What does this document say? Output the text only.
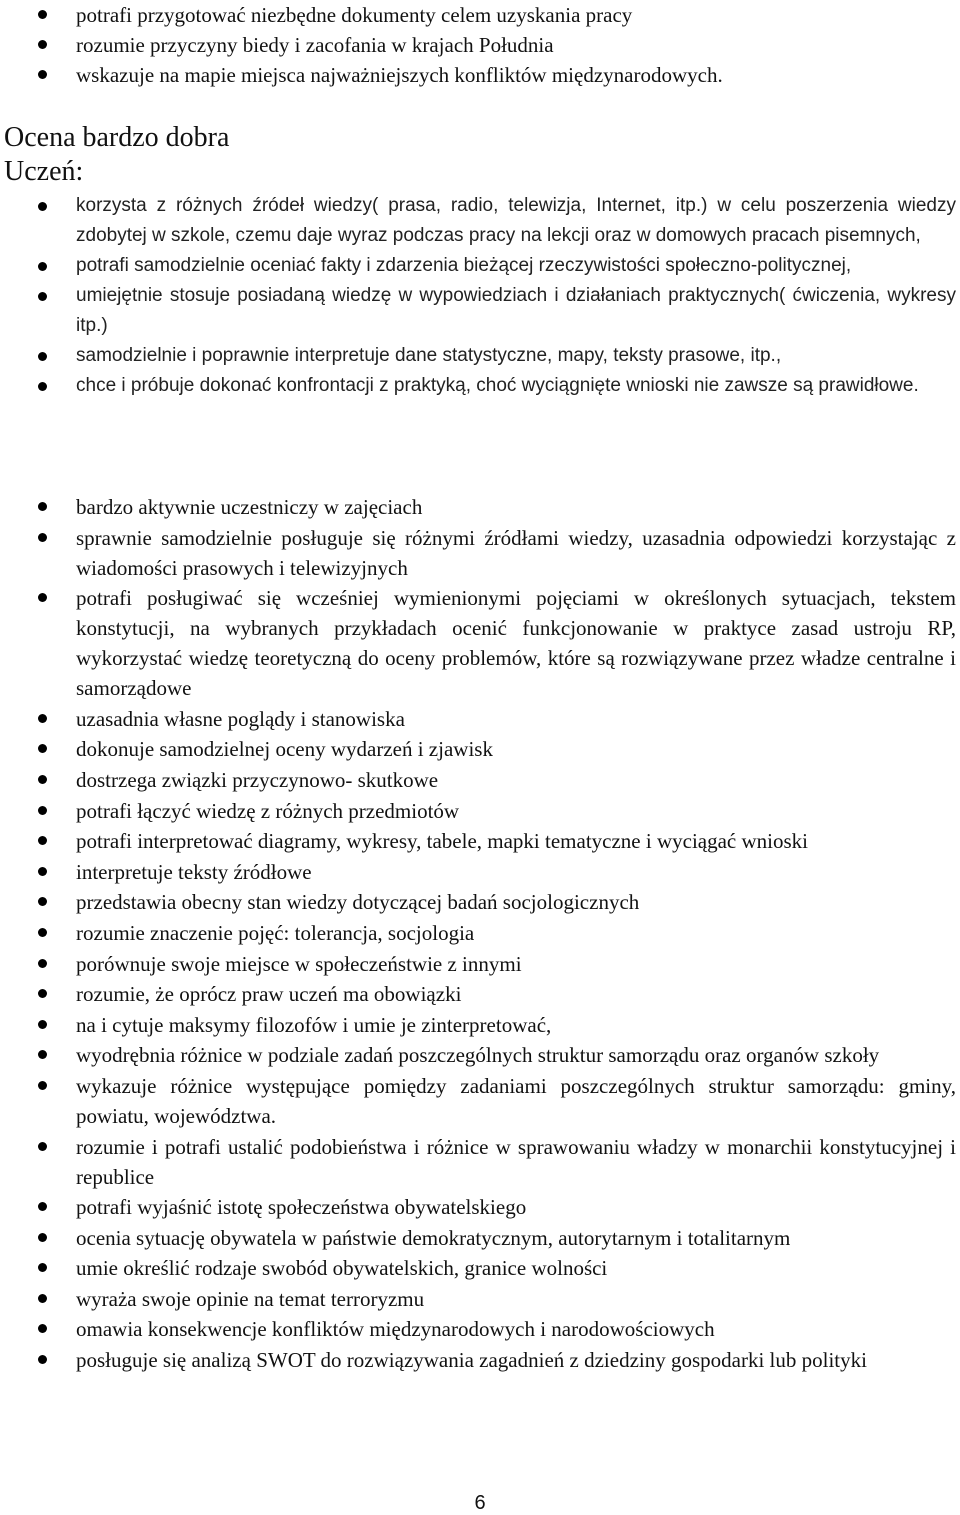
potrafi przygotować niezbędne dokumenty celem uzyskania pracy
rozumie przyczyny biedy i zacofania w krajach Południa
wskazuje na mapie miejsca najważniejszych konfliktów międzynarodowych.
Ocena bardzo dobra
Uczeń:
korzysta z różnych źródeł wiedzy( prasa, radio, telewizja, Internet, itp.) w celu poszerzenia wiedzy zdobytej w szkole, czemu daje wyraz podczas pracy na lekcji oraz w domowych pracach pisemnych,
potrafi samodzielnie oceniać fakty i zdarzenia bieżącej rzeczywistości społeczno-politycznej,
umiejętnie stosuje posiadaną wiedzę w wypowiedziach i działaniach praktycznych( ćwiczenia, wykresy itp.)
samodzielnie i poprawnie interpretuje dane statystyczne, mapy, teksty prasowe, itp.,
chce i próbuje dokonać konfrontacji z praktyką, choć wyciągnięte wnioski nie zawsze są prawidłowe.
bardzo aktywnie uczestniczy w zajęciach
sprawnie samodzielnie posługuje się różnymi źródłami wiedzy, uzasadnia odpowiedzi korzystając z wiadomości prasowych i telewizyjnych
potrafi posługiwać się wcześniej wymienionymi pojęciami w określonych sytuacjach, tekstem konstytucji, na wybranych przykładach ocenić funkcjonowanie w praktyce zasad ustroju RP, wykorzystać wiedzę teoretyczną do oceny problemów, które są rozwiązywane przez władze centralne i samorządowe
uzasadnia własne poglądy i stanowiska
dokonuje samodzielnej oceny wydarzeń i zjawisk
dostrzega związki przyczynowo- skutkowe
potrafi łączyć wiedzę z różnych przedmiotów
potrafi interpretować diagramy, wykresy, tabele, mapki tematyczne i wyciągać wnioski
interpretuje teksty źródłowe
przedstawia obecny stan wiedzy dotyczącej badań socjologicznych
rozumie znaczenie pojęć: tolerancja, socjologia
porównuje swoje miejsce w społeczeństwie z innymi
rozumie, że oprócz praw uczeń ma obowiązki
na i cytuje maksymy filozofów i umie je zinterpretować,
wyodrębnia różnice w podziale zadań poszczególnych struktur samorządu oraz organów szkoły
wykazuje różnice występujące pomiędzy zadaniami poszczególnych struktur samorządu: gminy, powiatu, województwa.
rozumie i potrafi ustalić podobieństwa i różnice w sprawowaniu władzy w monarchii konstytucyjnej i republice
potrafi wyjaśnić istotę społeczeństwa obywatelskiego
ocenia sytuację obywatela w państwie demokratycznym, autorytarnym i totalitarnym
umie określić rodzaje swobód obywatelskich, granice wolności
wyraża swoje opinie na temat terroryzmu
omawia konsekwencje konfliktów międzynarodowych i narodowościowych
posługuje się analizą SWOT do rozwiązywania zagadnień z dziedziny gospodarki lub polityki
6
